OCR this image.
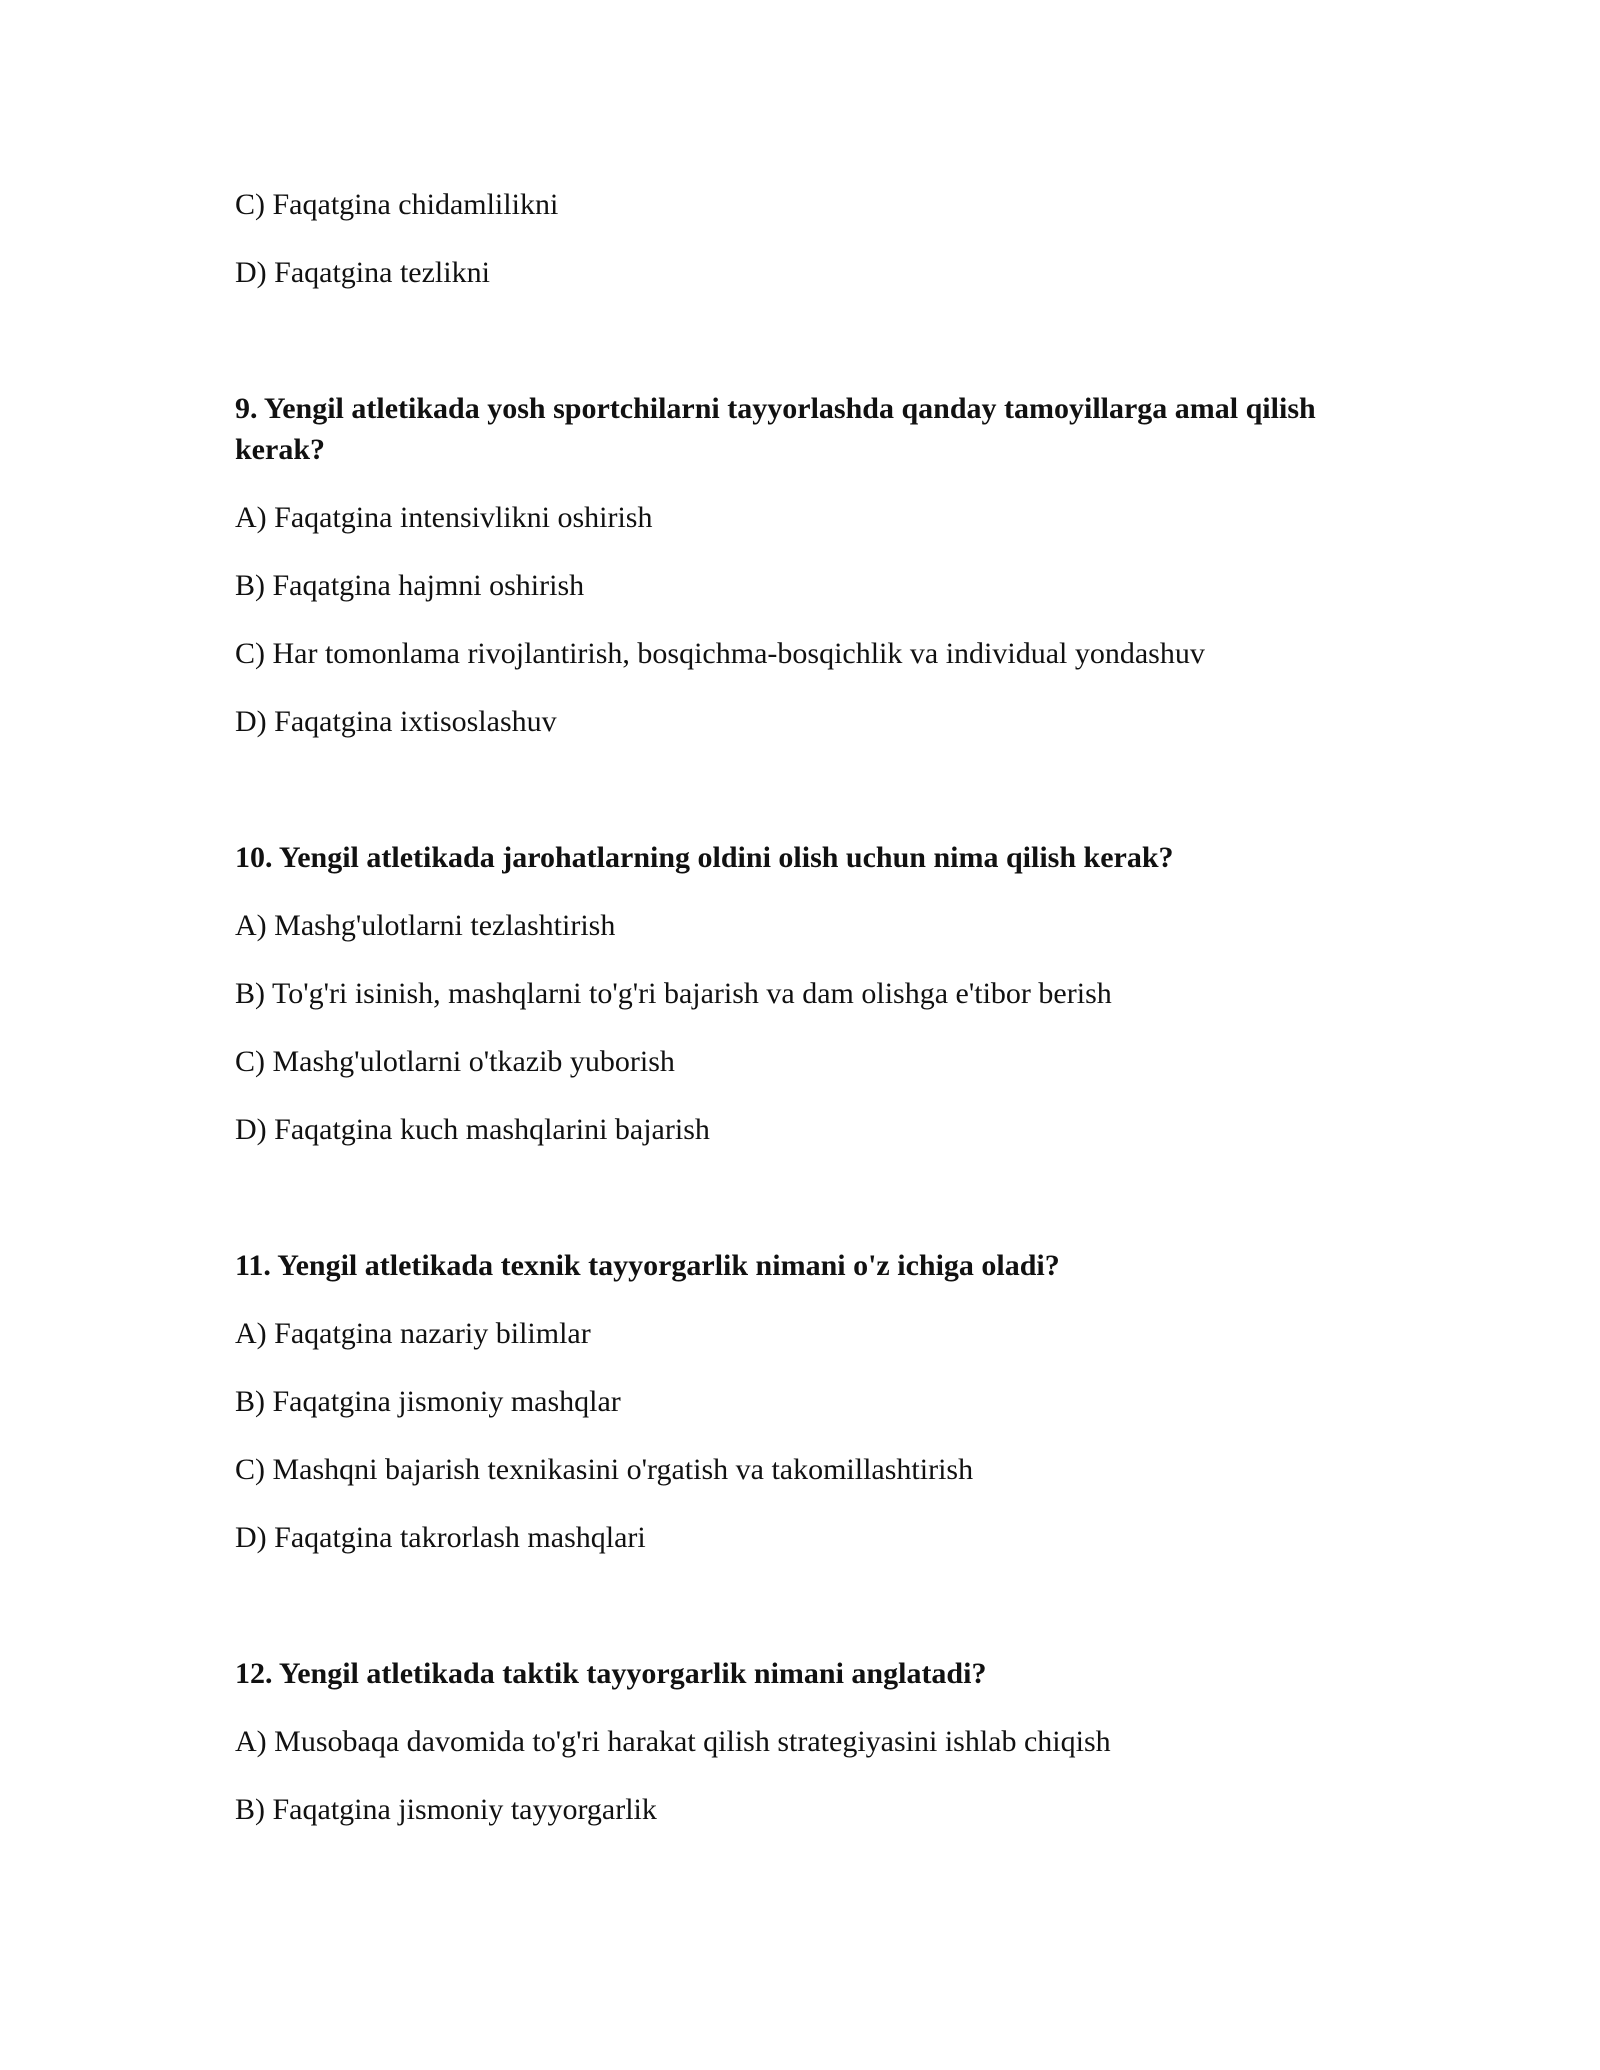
C) Faqatgina chidamlilikni

D) Faqatgina tezlikni

9. Yengil atletikada yosh sportchilarni tayyorlashda qanday tamoyillarga amal qilish kerak?

A) Faqatgina intensivlikni oshirish

B) Faqatgina hajmni oshirish

C) Har tomonlama rivojlantirish, bosqichma-bosqichlik va individual yondashuv

D) Faqatgina ixtisoslashuv

10. Yengil atletikada jarohatlarning oldini olish uchun nima qilish kerak?

A) Mashg'ulotlarni tezlashtirish

B) To'g'ri isinish, mashqlarni to'g'ri bajarish va dam olishga e'tibor berish

C) Mashg'ulotlarni o'tkazib yuborish

D) Faqatgina kuch mashqlarini bajarish

11. Yengil atletikada texnik tayyorgarlik nimani o'z ichiga oladi?

A) Faqatgina nazariy bilimlar

B) Faqatgina jismoniy mashqlar

C) Mashqni bajarish texnikasini o'rgatish va takomillashtirish

D) Faqatgina takrorlash mashqlari

12. Yengil atletikada taktik tayyorgarlik nimani anglatadi?

A) Musobaqa davomida to'g'ri harakat qilish strategiyasini ishlab chiqish

B) Faqatgina jismoniy tayyorgarlik
